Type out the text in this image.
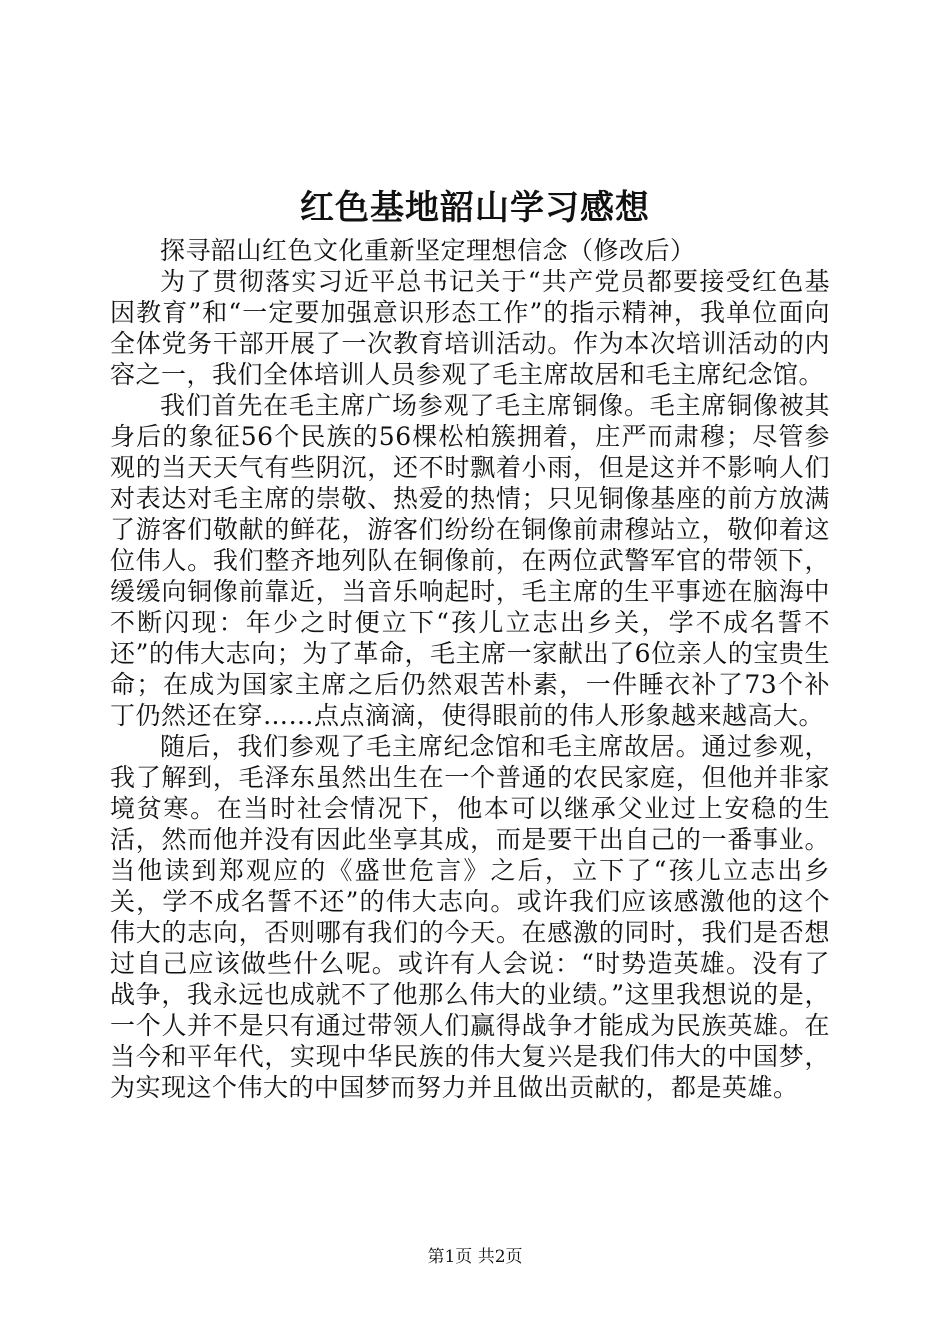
红色基地韶山学习感想

探寻韶山红色文化重新坚定理想信念（修改后）

为了贯彻落实习近平总书记关于“共产党员都要接受红色基因教育”和“一定要加强意识形态工作”的指示精神，我单位面向全体党务干部开展了一次教育培训活动。作为本次培训活动的内容之一，我们全体培训人员参观了毛主席故居和毛主席纪念馆。

我们首先在毛主席广场参观了毛主席铜像。毛主席铜像被其身后的象征56个民族的56棵松柏簇拥着，庄严而肃穆；尽管参观的当天天气有些阴沉，还不时飘着小雨，但是这并不影响人们对表达对毛主席的崇敬、热爱的热情；只见铜像基座的前方放满了游客们敬献的鲜花，游客们纷纷在铜像前肃穆站立，敬仰着这位伟人。我们整齐地列队在铜像前，在两位武警军官的带领下，缓缓向铜像前靠近，当音乐响起时，毛主席的生平事迹在脑海中不断闪现：年少之时便立下“孩儿立志出乡关，学不成名誓不还”的伟大志向；为了革命，毛主席一家献出了6位亲人的宝贵生命；在成为国家主席之后仍然艰苦朴素，一件睡衣补了73个补丁仍然还在穿……点点滴滴，使得眼前的伟人形象越来越高大。

随后，我们参观了毛主席纪念馆和毛主席故居。通过参观，我了解到，毛泽东虽然出生在一个普通的农民家庭，但他并非家境贫寒。在当时社会情况下，他本可以继承父业过上安稳的生活，然而他并没有因此坐享其成，而是要干出自己的一番事业。当他读到郑观应的《盛世危言》之后，立下了“孩儿立志出乡关，学不成名誓不还”的伟大志向。或许我们应该感激他的这个伟大的志向，否则哪有我们的今天。在感激的同时，我们是否想过自己应该做些什么呢。或许有人会说：“时势造英雄。没有了战争，我永远也成就不了他那么伟大的业绩。”这里我想说的是，一个人并不是只有通过带领人们赢得战争才能成为民族英雄。在当今和平年代，实现中华民族的伟大复兴是我们伟大的中国梦，为实现这个伟大的中国梦而努力并且做出贡献的，都是英雄。

第1页 共2页
